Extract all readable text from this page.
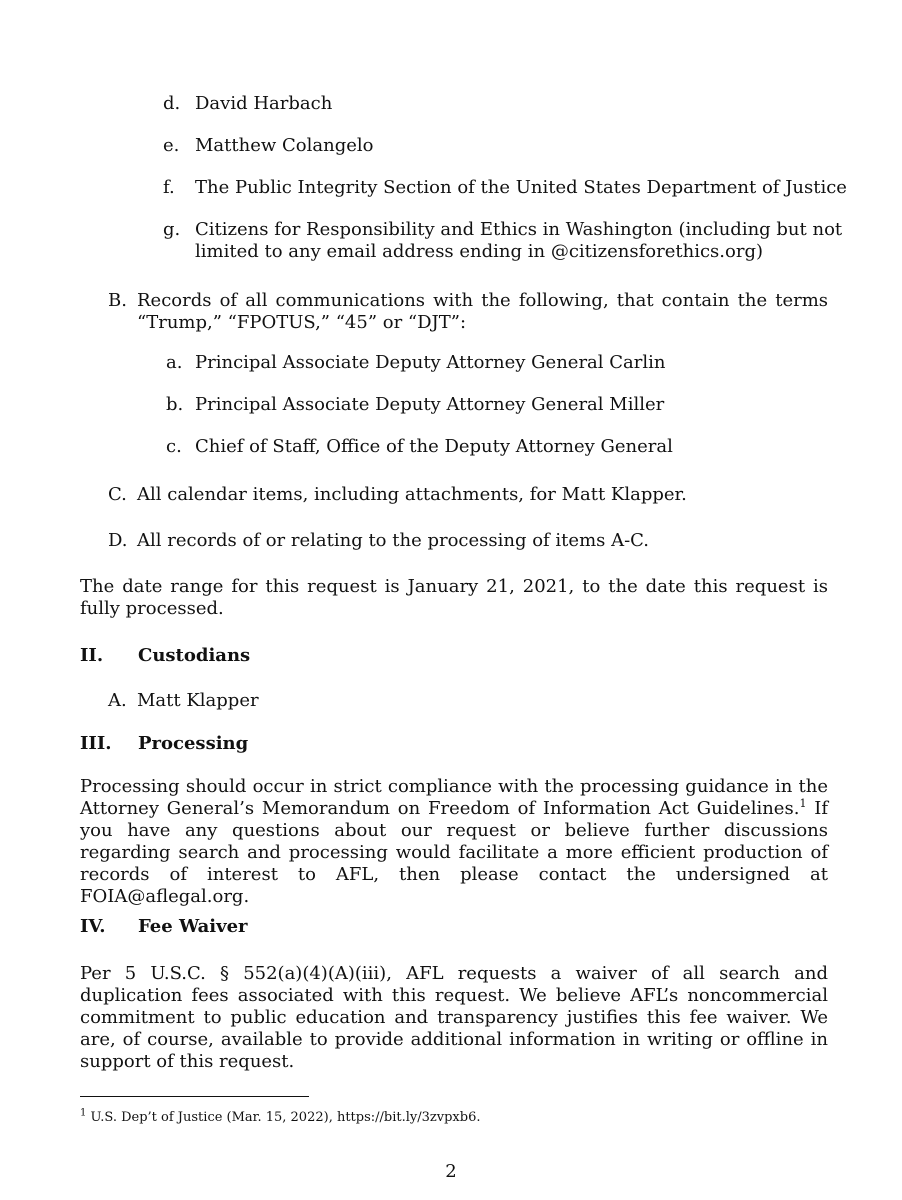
d. David Harbach
e. Matthew Colangelo
f. The Public Integrity Section of the United States Department of Justice
g. Citizens for Responsibility and Ethics in Washington (including but not
limited to any email address ending in @citizensforethics.org)
B. Records of all communications with the following, that contain the terms
“Trump,” “FPOTUS,” “45” or “DJT”:
a. Principal Associate Deputy Attorney General Carlin
b. Principal Associate Deputy Attorney General Miller
c. Chief of Staff, Office of the Deputy Attorney General
C. All calendar items, including attachments, for Matt Klapper.
D. All records of or relating to the processing of items A-C.

The date range for this request is January 21, 2021, to the date this request is fully processed.

II. Custodians
A. Matt Klapper
III. Processing

Processing should occur in strict compliance with the processing guidance in the Attorney General’s Memorandum on Freedom of Information Act Guidelines.$^1$ If you have any questions about our request or believe further discussions regarding search and processing would facilitate a more efficient production of records of interest to AFL, then please contact the undersigned at FOIA@aflegal.org.

IV. Fee Waiver

Per 5 U.S.C. § 552(a)(4)(A)(iii), AFL requests a waiver of all search and duplication fees associated with this request. We believe AFL’s noncommercial commitment to public education and transparency justifies this fee waiver. We are, of course, available to provide additional information in writing or offline in support of this request.

$^1$ U.S. Dep’t of Justice (Mar. 15, 2022), https://bit.ly/3zvpxb6.
2
